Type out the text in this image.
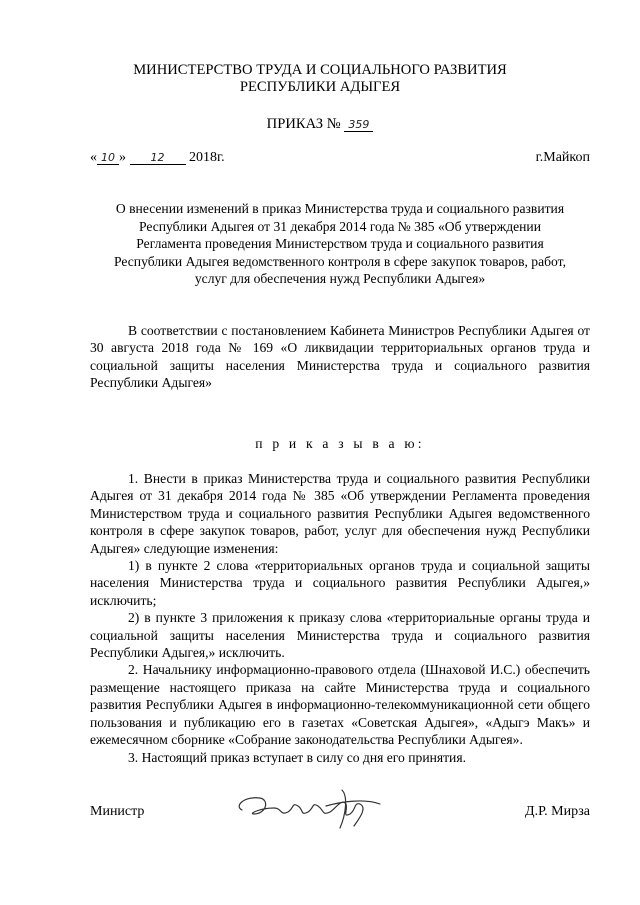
МИНИСТЕРСТВО ТРУДА И СОЦИАЛЬНОГО РАЗВИТИЯ
РЕСПУБЛИКИ АДЫГЕЯ
ПРИКАЗ № 359
« 10 » 12 2018г.	г.Майкоп
О внесении изменений в приказ Министерства труда и социального развития Республики Адыгея от 31 декабря 2014 года № 385 «Об утверждении Регламента проведения Министерством труда и социального развития Республики Адыгея ведомственного контроля в сфере закупок товаров, работ, услуг для обеспечения нужд Республики Адыгея»

В соответствии с постановлением Кабинета Министров Республики Адыгея от 30 августа 2018 года № 169 «О ликвидации территориальных органов труда и социальной защиты населения Министерства труда и социального развития Республики Адыгея»

п р и к а з ы в а ю:

1. Внести в приказ Министерства труда и социального развития Республики Адыгея от 31 декабря 2014 года № 385 «Об утверждении Регламента проведения Министерством труда и социального развития Республики Адыгея ведомственного контроля в сфере закупок товаров, работ, услуг для обеспечения нужд Республики Адыгея» следующие изменения:

1) в пункте 2 слова «территориальных органов труда и социальной защиты населения Министерства труда и социального развития Республики Адыгея,» исключить;

2) в пункте 3 приложения к приказу слова «территориальные органы труда и социальной защиты населения Министерства труда и социального развития Республики Адыгея,» исключить.

2. Начальнику информационно-правового отдела (Шнаховой И.С.) обеспечить размещение настоящего приказа на сайте Министерства труда и социального развития Республики Адыгея в информационно-телекоммуникационной сети общего пользования и публикацию его в газетах «Советская Адыгея», «Адыгэ Макъ» и ежемесячном сборнике «Собрание законодательства Республики Адыгея».

3. Настоящий приказ вступает в силу со дня его принятия.

Министр	Д.Р. Мирза
